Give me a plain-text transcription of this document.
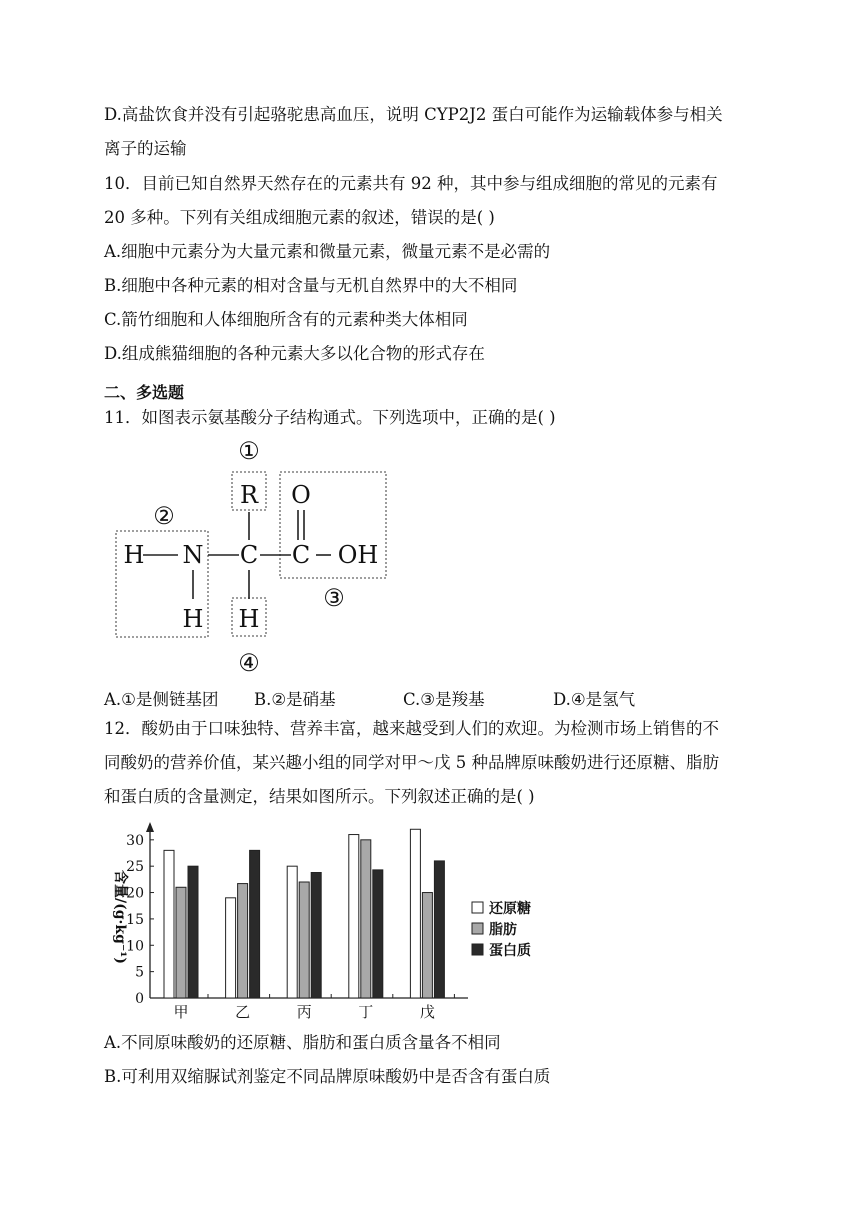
D.高盐饮食并没有引起骆驼患高血压，说明 CYP2J2 蛋白可能作为运输载体参与相关
离子的运输
10．目前已知自然界天然存在的元素共有 92 种，其中参与组成细胞的常见的元素有
20 多种。下列有关组成细胞元素的叙述，错误的是( )
A.细胞中元素分为大量元素和微量元素，微量元素不是必需的
B.细胞中各种元素的相对含量与无机自然界中的大不相同
C.箭竹细胞和人体细胞所含有的元素种类大体相同
D.组成熊猫细胞的各种元素大多以化合物的形式存在
二、多选题
11．如图表示氨基酸分子结构通式。下列选项中，正确的是( )
①
②
③
④
R
H N C C
O
OH
H H
A.①是侧链基团 B.②是硝基	C.③是羧基	D.④是氢气
12．酸奶由于口味独特、营养丰富，越来越受到人们的欢迎。为检测市场上销售的不
同酸奶的营养价值，某兴趣小组的同学对甲～戊 5 种品牌原味酸奶进行还原糖、脂肪
和蛋白质的含量测定，结果如图所示。下列叙述正确的是( )
0
5
10
15
20
25
30
含量/(g·kg⁻¹)
甲	乙	丙	丁	戊
还原糖
脂肪
蛋白质
A.不同原味酸奶的还原糖、脂肪和蛋白质含量各不相同
B.可利用双缩脲试剂鉴定不同品牌原味酸奶中是否含有蛋白质
